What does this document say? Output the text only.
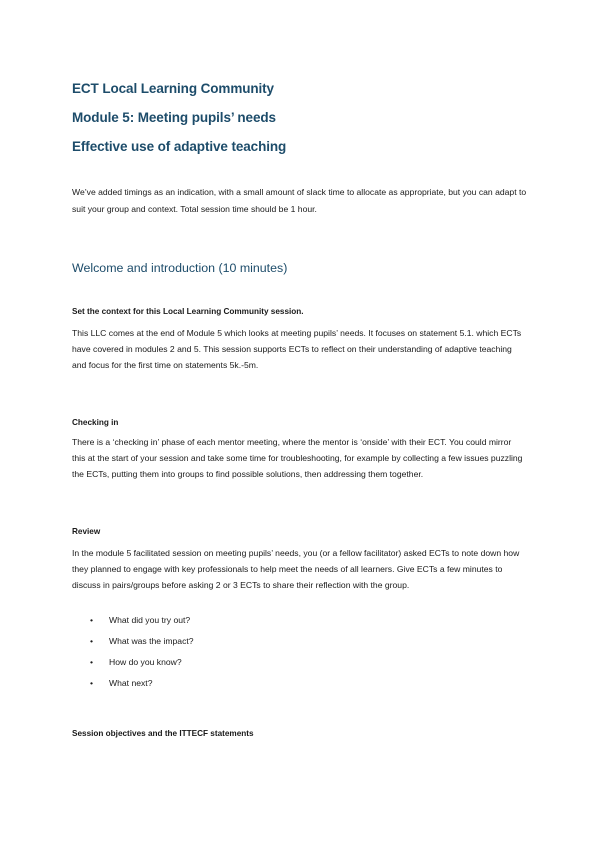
ECT Local Learning Community
Module 5: Meeting pupils’ needs
Effective use of adaptive teaching
We’ve added timings as an indication, with a small amount of slack time to allocate as appropriate, but you can adapt to suit your group and context. Total session time should be 1 hour.
Welcome and introduction (10 minutes)
Set the context for this Local Learning Community session.
This LLC comes at the end of Module 5 which looks at meeting pupils’ needs. It focuses on statement 5.1. which ECTs have covered in modules 2 and 5. This session supports ECTs to reflect on their understanding of adaptive teaching and focus for the first time on statements 5k.-5m.
Checking in
There is a ‘checking in’ phase of each mentor meeting, where the mentor is ‘onside’ with their ECT. You could mirror this at the start of your session and take some time for troubleshooting, for example by collecting a few issues puzzling the ECTs, putting them into groups to find possible solutions, then addressing them together.
Review
In the module 5 facilitated session on meeting pupils’ needs, you (or a fellow facilitator) asked ECTs to note down how they planned to engage with key professionals to help meet the needs of all learners. Give ECTs a few minutes to discuss in pairs/groups before asking 2 or 3 ECTs to share their reflection with the group.
• What did you try out?
• What was the impact?
• How do you know?
• What next?
Session objectives and the ITTECF statements
